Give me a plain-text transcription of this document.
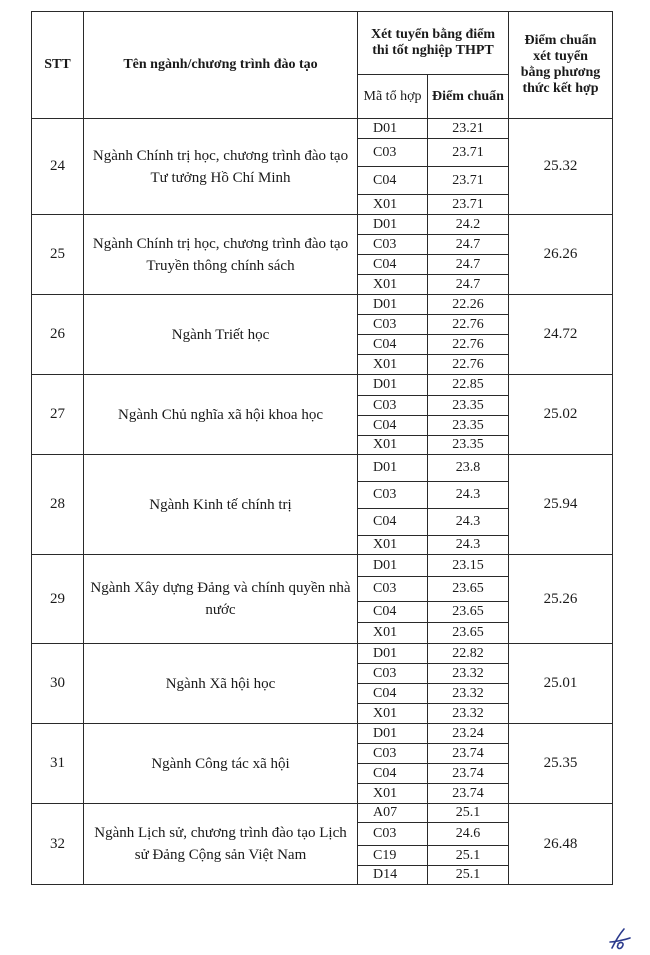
STT	Tên ngành/chương trình đào tạo	Xét tuyển bằng điểm thi tốt nghiệp THPT		Điểm chuẩn xét tuyển bằng phương thức kết hợp
		Mã tổ hợp	Điểm chuẩn	
24	Ngành Chính trị học, chương trình đào tạo Tư tưởng Hồ Chí Minh	D01	23.21	25.32
		C03	23.71	
		C04	23.71	
		X01	23.71	
25	Ngành Chính trị học, chương trình đào tạo Truyền thông chính sách	D01	24.2	26.26
		C03	24.7	
		C04	24.7	
		X01	24.7	
26	Ngành Triết học	D01	22.26	24.72
		C03	22.76	
		C04	22.76	
		X01	22.76	
27	Ngành Chủ nghĩa xã hội khoa học	D01	22.85	25.02
		C03	23.35	
		C04	23.35	
		X01	23.35	
28	Ngành Kinh tế chính trị	D01	23.8	25.94
		C03	24.3	
		C04	24.3	
		X01	24.3	
29	Ngành Xây dựng Đảng và chính quyền nhà nước	D01	23.15	25.26
		C03	23.65	
		C04	23.65	
		X01	23.65	
30	Ngành Xã hội học	D01	22.82	25.01
		C03	23.32	
		C04	23.32	
		X01	23.32	
31	Ngành Công tác xã hội	D01	23.24	25.35
		C03	23.74	
		C04	23.74	
		X01	23.74	
32	Ngành Lịch sử, chương trình đào tạo Lịch sử Đảng Cộng sản Việt Nam	A07	25.1	26.48
		C03	24.6	
		C19	25.1	
		D14	25.1	
